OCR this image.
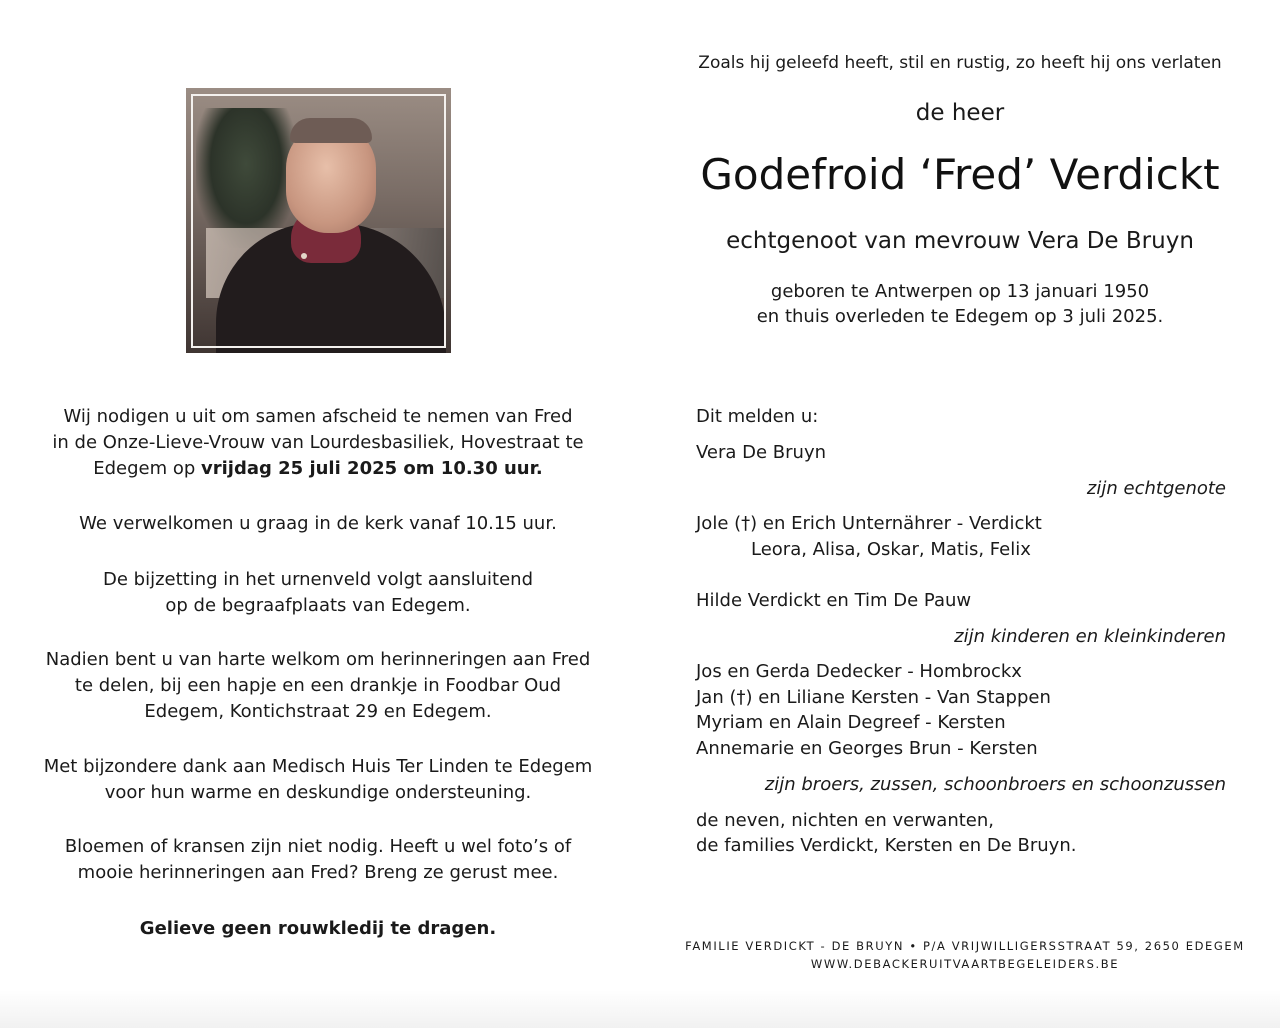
Zoals hij geleefd heeft, stil en rustig, zo heeft hij ons verlaten
de heer
Godefroid ‘Fred’ Verdickt
echtgenoot van mevrouw Vera De Bruyn
geboren te Antwerpen op 13 januari 1950
en thuis overleden te Edegem op 3 juli 2025.
Wij nodigen u uit om samen afscheid te nemen van Fred
in de Onze-Lieve-Vrouw van Lourdesbasiliek, Hovestraat te
Edegem op vrijdag 25 juli 2025 om 10.30 uur.
We verwelkomen u graag in de kerk vanaf 10.15 uur.
De bijzetting in het urnenveld volgt aansluitend
op de begraafplaats van Edegem.
Nadien bent u van harte welkom om herinneringen aan Fred
te delen, bij een hapje en een drankje in Foodbar Oud
Edegem, Kontichstraat 29 en Edegem.
Met bijzondere dank aan Medisch Huis Ter Linden te Edegem
voor hun warme en deskundige ondersteuning.
Bloemen of kransen zijn niet nodig. Heeft u wel foto’s of
mooie herinneringen aan Fred? Breng ze gerust mee.
Gelieve geen rouwkledij te dragen.
Dit melden u:
Vera De Bruyn
zijn echtgenote
Jole (†) en Erich Unternährer - Verdickt
Leora, Alisa, Oskar, Matis, Felix
Hilde Verdickt en Tim De Pauw
zijn kinderen en kleinkinderen
Jos en Gerda Dedecker - Hombrockx
Jan (†) en Liliane Kersten - Van Stappen
Myriam en Alain Degreef - Kersten
Annemarie en Georges Brun - Kersten
zijn broers, zussen, schoonbroers en schoonzussen
de neven, nichten en verwanten,
de families Verdickt, Kersten en De Bruyn.
FAMILIE VERDICKT - DE BRUYN • P/A VRIJWILLIGERSSTRAAT 59, 2650 EDEGEM
WWW.DEBACKERUITVAARTBEGELEIDERS.BE
